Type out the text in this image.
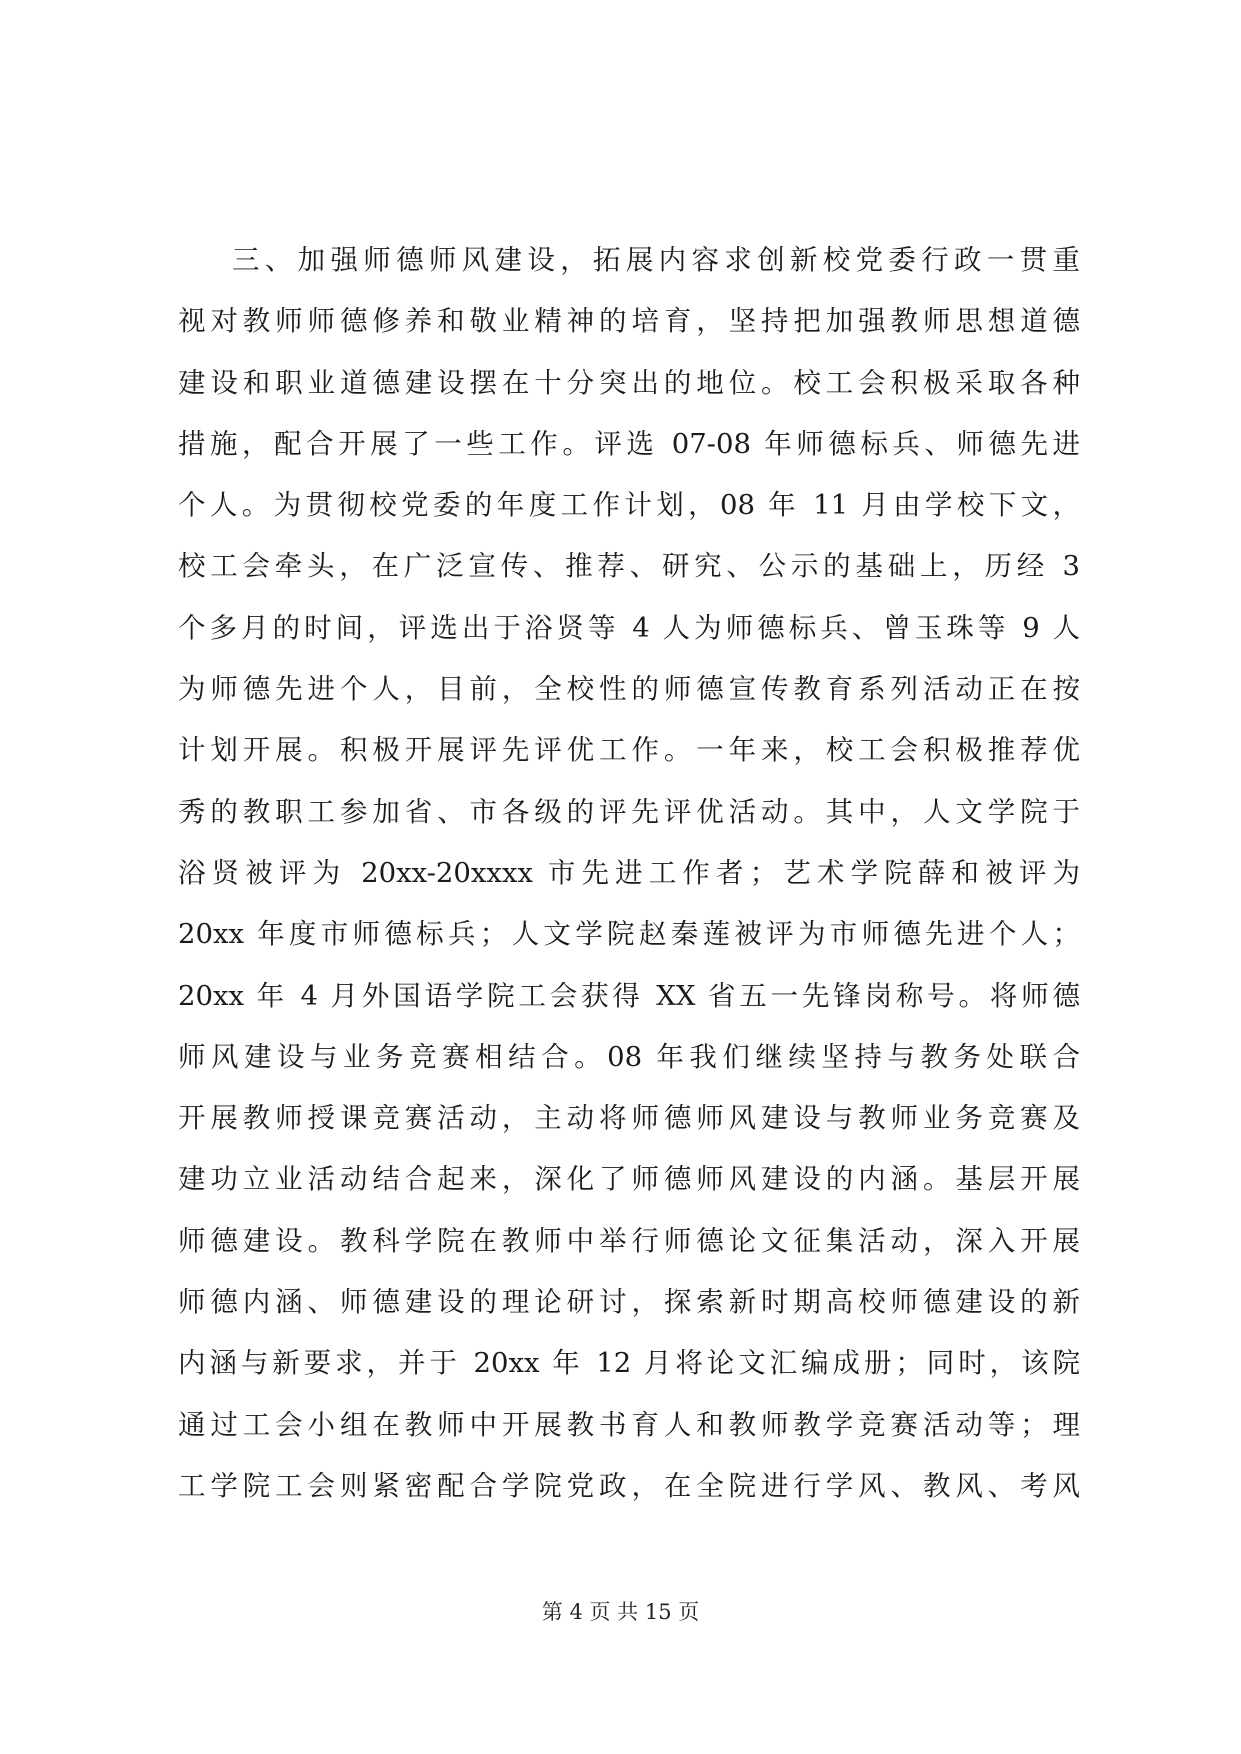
三、加强师德师风建设，拓展内容求创新校党委行政一贯重
视对教师师德修养和敬业精神的培育，坚持把加强教师思想道德
建设和职业道德建设摆在十分突出的地位。校工会积极采取各种
措施，配合开展了一些工作。评选 07-08 年师德标兵、师德先进
个人。为贯彻校党委的年度工作计划，08 年 11 月由学校下文，
校工会牵头，在广泛宣传、推荐、研究、公示的基础上，历经 3
个多月的时间，评选出于浴贤等 4 人为师德标兵、曾玉珠等 9 人
为师德先进个人，目前，全校性的师德宣传教育系列活动正在按
计划开展。积极开展评先评优工作。一年来，校工会积极推荐优
秀的教职工参加省、市各级的评先评优活动。其中，人文学院于
浴贤被评为 20xx-20xxxx 市先进工作者；艺术学院薛和被评为
20xx 年度市师德标兵；人文学院赵秦莲被评为市师德先进个人；
20xx 年 4 月外国语学院工会获得 XX 省五一先锋岗称号。将师德
师风建设与业务竞赛相结合。08 年我们继续坚持与教务处联合
开展教师授课竞赛活动，主动将师德师风建设与教师业务竞赛及
建功立业活动结合起来，深化了师德师风建设的内涵。基层开展
师德建设。教科学院在教师中举行师德论文征集活动，深入开展
师德内涵、师德建设的理论研讨，探索新时期高校师德建设的新
内涵与新要求，并于 20xx 年 12 月将论文汇编成册；同时，该院
通过工会小组在教师中开展教书育人和教师教学竞赛活动等；理
工学院工会则紧密配合学院党政，在全院进行学风、教风、考风
第 4 页 共 15 页
